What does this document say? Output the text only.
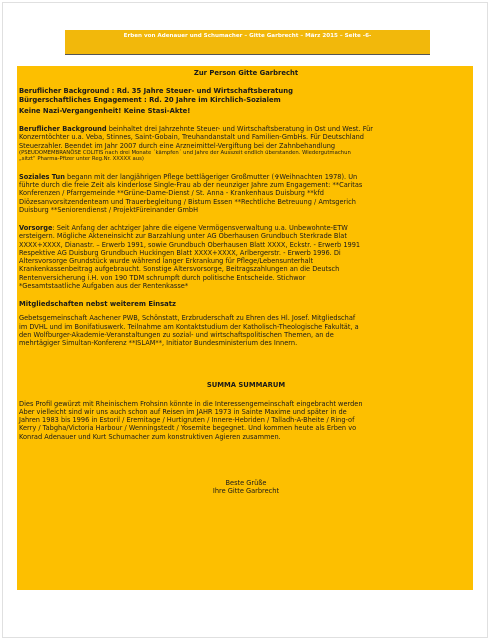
Erben von Adenauer und Schumacher – Gitte Garbrecht – März 2015 – Seite -6-

Zur Person Gitte Garbrecht

Beruflicher Background : Rd. 35 Jahre Steuer- und Wirtschaftsberatung

Bürgerschaftliches Engagement : Rd. 20 Jahre im Kirchlich-Sozialem

Keine Nazi-Vergangenheit! Keine Stasi-Akte!

Beruflicher Background beinhaltet drei Jahrzehnte Steuer- und Wirtschaftsberatung in Ost und West. Für

Konzerntöchter u.a. Veba, Stinnes, Saint-Gobain, Treuhandanstalt und Familien-GmbHs. Für Deutschland

Steuerzahler. Beendet im Jahr 2007 durch eine Arzneimittel-Vergiftung bei der Zahnbehandlung

(PSEUDOMEMBRANÖSE COLITIS nach drei Monate ´kämpfen´ und Jahre der Ausszeit endlich überstanden. Wiedergutmachun

„sitzt“ Pharma-Pfizer unter Reg.Nr. XXXXX aus)

Soziales Tun begann mit der langjährigen Pflege bettlägeriger Großmutter (✞Weihnachten 1978). Un

führte durch die freie Zeit als kinderlose Single-Frau ab der neunziger Jahre zum Engagement: **Caritas

Konferenzen / Pfarrgemeinde **Grüne-Dame-Dienst / St. Anna - Krankenhaus Duisburg **kfd

Diözesanvorsitzendenteam und Trauerbegleitung / Bistum Essen **Rechtliche Betreuung / Amtsgerich

Duisburg **Seniorendienst / ProjektFüreinander GmbH

Vorsorge: Seit Anfang der achtziger Jahre die eigene Vermögensverwaltung u.a. Unbewohnte-ETW

ersteigern. Mögliche Akteneinsicht zur Barzahlung unter AG Oberhausen Grundbuch Sterkrade Blat

XXXX+XXXX, Dianastr. – Erwerb 1991, sowie Grundbuch Oberhausen Blatt XXXX, Eckstr. - Erwerb 1991

Respektive AG Duisburg Grundbuch Huckingen Blatt XXXX+XXXX, Arlbergerstr. - Erwerb 1996. Di

Altersvorsorge Grundstück wurde während langer Erkrankung für Pflege/Lebensunterhalt

Krankenkassenbeitrag aufgebraucht. Sonstige Altersvorsorge, Beitragszahlungen an die Deutsch

Rentenversicherung i.H. von 190 TDM schrumpft durch politische Entscheide. Stichwor

*Gesamtstaatliche Aufgaben aus der Rentenkasse*

Mitgliedschaften nebst weiterem Einsatz

Gebetsgemeinschaft Aachener PWB, Schönstatt, Erzbruderschaft zu Ehren des Hl. Josef. Mitgliedschaf

im DVHL und im Bonifatiuswerk. Teilnahme am Kontaktstudium der Katholisch-Theologische Fakultät, a

den Wolfburger-Akademie-Veranstaltungen zu sozial- und wirtschaftspolitischen Themen, an de

mehrtägiger Simultan-Konferenz **ISLAM**, Initiator Bundesministerium des Innern.

SUMMA SUMMARUM

Dies Profil gewürzt mit Rheinischem Frohsinn könnte in die Interessengemeinschaft eingebracht werden

Aber vielleicht sind wir uns auch schon auf Reisen im JAHR 1973 in Sainte Maxime und später in de

Jahren 1983 bis 1996 in Estoril / Eremitage / Hurtigruten / Innere-Hebriden / Talladh-A-Bheite / Ring-of

Kerry / Tabgha/Victoria Harbour / Wenningstedt / Yosemite begegnet. Und kommen heute als Erben vo

Konrad Adenauer und Kurt Schumacher zum konstruktiven Agieren zusammen.

Beste Grüße

Ihre Gitte Garbrecht
